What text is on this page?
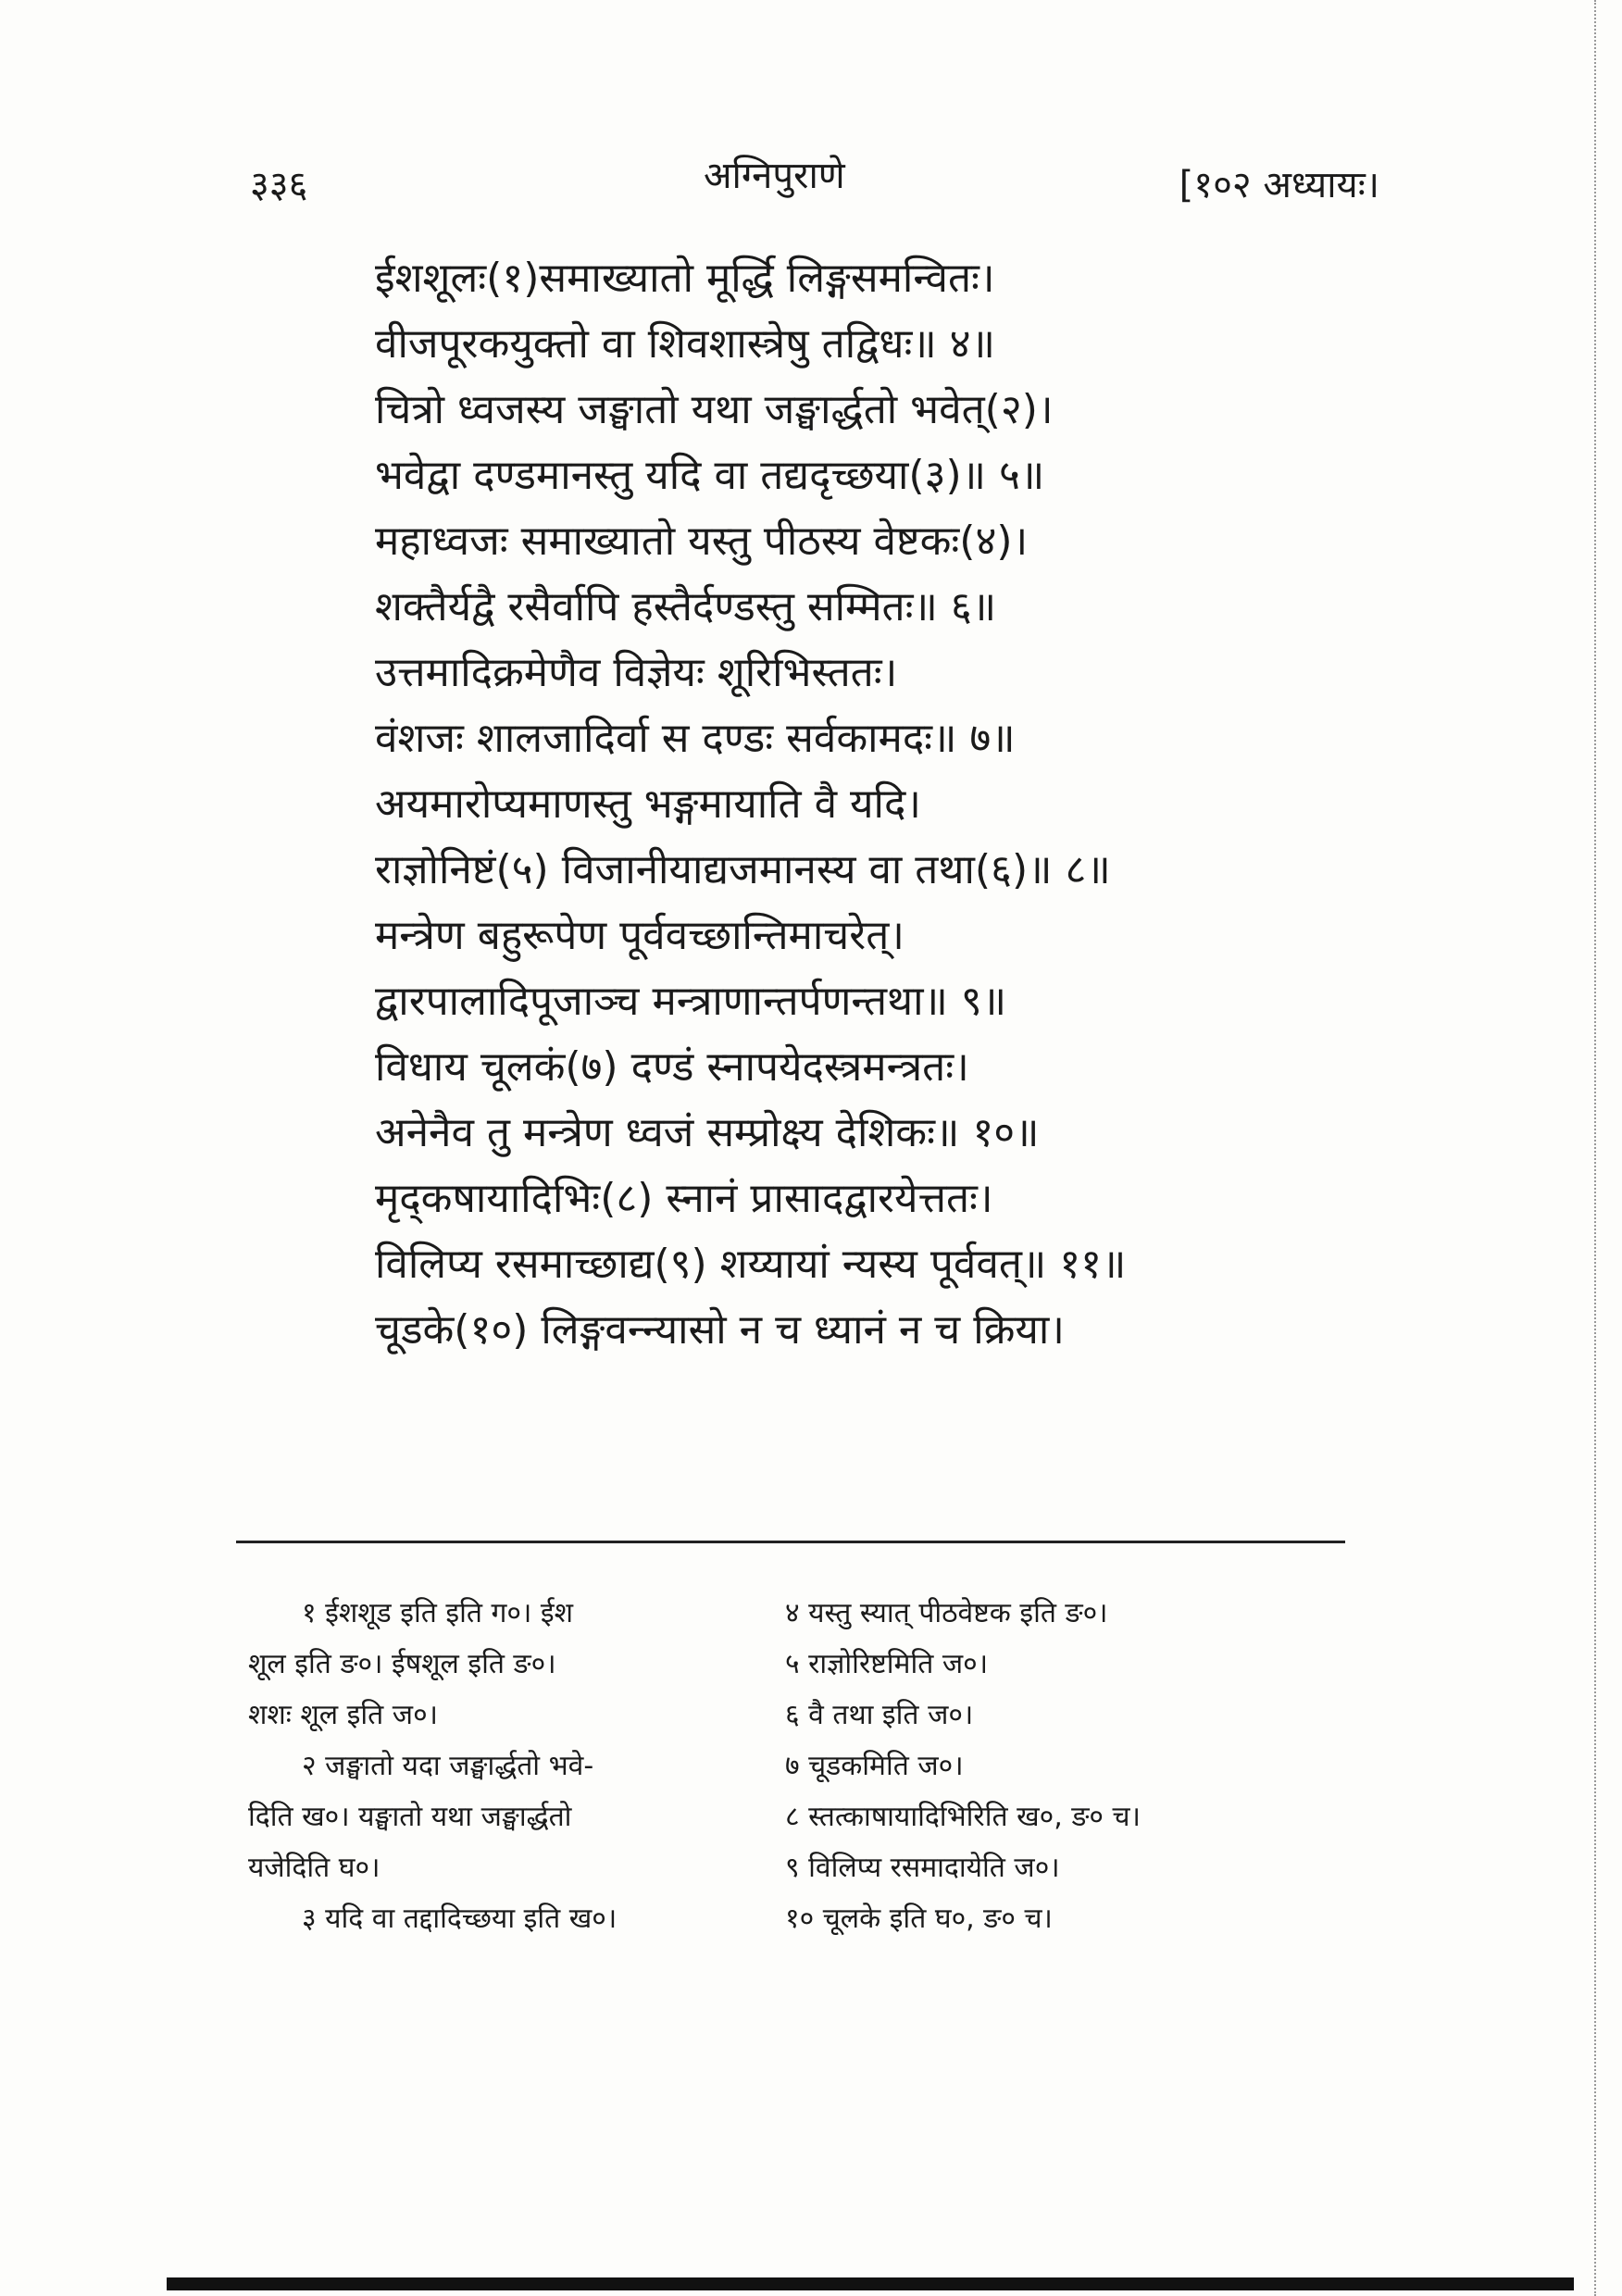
३३६	अग्निपुराणे	[१०२ अध्यायः।
ईशशूलः(१)समाख्यातो मूर्द्धि लिङ्गसमन्वितः।
वीजपूरकयुक्तो वा शिवशास्त्रेषु तद्विधः॥ ४॥
चित्रो ध्वजस्य जङ्घातो यथा जङ्घार्द्धतो भवेत्(२)।
भवेद्वा दण्डमानस्तु यदि वा तद्यदृच्छया(३)॥ ५॥
महाध्वजः समाख्यातो यस्तु पीठस्य वेष्टकः(४)।
शक्तैर्यद्वै रसैर्वापि हस्तैर्दण्डस्तु सम्मितः॥ ६॥
उत्तमादिक्रमेणैव विज्ञेयः शूरिभिस्ततः।
वंशजः शालजादिर्वा स दण्डः सर्वकामदः॥ ७॥
अयमारोप्यमाणस्तु भङ्गमायाति वै यदि।
राज्ञोनिष्टं(५) विजानीयाद्यजमानस्य वा तथा(६)॥ ८॥
मन्त्रेण बहुरूपेण पूर्ववच्छान्तिमाचरेत्।
द्वारपालादिपूजाञ्च मन्त्राणान्तर्पणन्तथा॥ ९॥
विधाय चूलकं(७) दण्डं स्नापयेदस्त्रमन्त्रतः।
अनेनैव तु मन्त्रेण ध्वजं सम्प्रोक्ष्य देशिकः॥ १०॥
मृद्कषायादिभिः(८) स्नानं प्रासादद्वारयेत्ततः।
विलिप्य रसमाच्छाद्य(९) शय्यायां न्यस्य पूर्ववत्॥ ११॥
चूडके(१०) लिङ्गवन्न्यासो न च ध्यानं न च क्रिया।
१ ईशशूड इति इति ग०। ईश
शूल इति ङ०। ईषशूल इति ङ०।
शशः शूल इति ज०।
२ जङ्घातो यदा जङ्घार्द्धतो भवे-
दिति ख०। यङ्घातो यथा जङ्घार्द्धतो
यजेदिति घ०।
३ यदि वा तद्दादिच्छया इति ख०।
४ यस्तु स्यात् पीठवेष्टक इति ङ०।
५ राज्ञोरिष्टमिति ज०।
६ वै तथा इति ज०।
७ चूडकमिति ज०।
८ स्तत्काषायादिभिरिति ख०, ङ० च।
९ विलिप्य रसमादायेति ज०।
१० चूलके इति घ०, ङ० च।
